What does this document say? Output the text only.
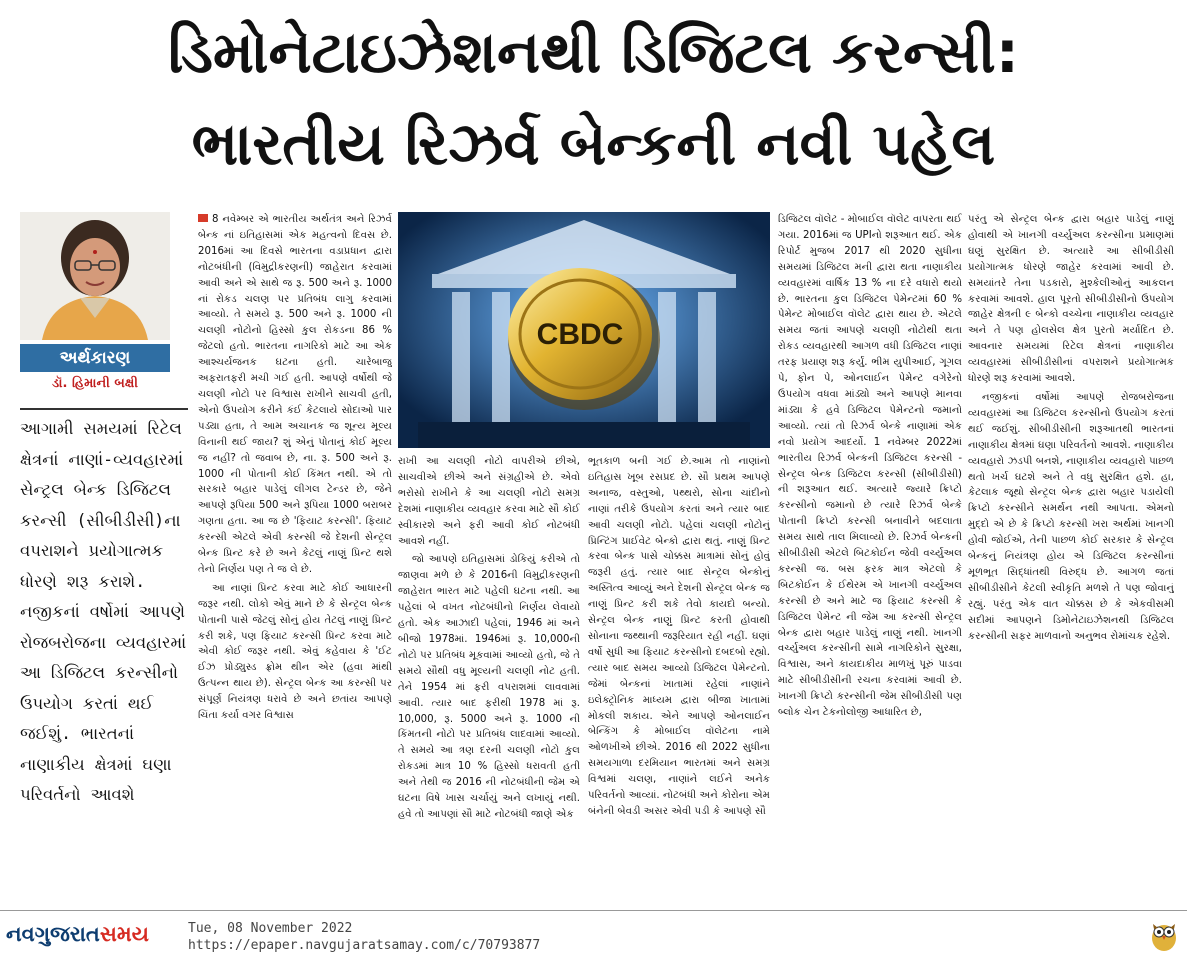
ડિમોનેટાઇઝેશનથી ડિજિટલ કરન્સી:
ભારતીય રિઝર્વ બેન્કની નવી પહેલ
અર્થકારણ
ડૉ. હિમાની બક્ષી

આગામી સમયમાં રિટેલ ક્ષેત્રનાં નાણાં-વ્યવહારમાં સેન્ટ્રલ બેન્ક ડિજિટલ કરન્સી (સીબીડીસી)ના વપરાશને પ્રયોગાત્મક ધોરણે શરૂ કરાશે. નજીકનાં વર્ષોમાં આપણે રોજબરોજના વ્યવહારમાં આ ડિજિટલ કરન્સીનો ઉપયોગ કરતાં થઈ જઈશું. ભારતનાં નાણાકીય ક્ષેત્રમાં ઘણા પરિવર્તનો આવશે

8 નવેમ્બર એ ભારતીય અર્થતંત્ર અને રિઝર્વ બેન્ક નાં ઇતિહાસમાં એક મહત્વનો દિવસ છે. 2016માં આ દિવસે ભારતના વડાપ્રધાન દ્વારા નોટબંધીની (વિમુદ્રીકરણની) જાહેરાત કરવામાં આવી અને એ સાથે જ રૂ. 500 અને રૂ. 1000 નાં રોકડ ચલણ પર પ્રતિબંધ લાગુ કરવામાં આવ્યો. તે સમયે રૂ. 500 અને રૂ. 1000 ની ચલણી નોટોનો હિસ્સો કુલ રોકડના 86 % જેટલો હતો. ભારતના નાગરિકો માટે આ એક આશ્ચર્યજનક ઘટના હતી. ચારેબાજુ અફરાતફરી મચી ગઈ હતી. આપણે વર્ષોથી જે ચલણી નોટો પર વિશ્વાસ રાખીને સાચવી હતી, એનો ઉપયોગ કરીને કંઈ કેટલાયે સોદાઓ પાર પડ્યા હતા, તે આમ અચાનક જ શૂન્ય મૂલ્ય વિનાની થઈ જાય? શું એનું પોતાનું કોઈ મૂલ્ય જ નહીં? તો જવાબ છે, ના. રૂ. 500 અને રૂ. 1000 ની પોતાની કોઈ કિંમત નથી. એ તો સરકારે બહાર પાડેલું લીગલ ટેન્ડર છે, જેને આપણે રૂપિયા 500 અને રૂપિયા 1000 બરાબર ગણતા હતા. આ જ છે 'ફિયાટ કરન્સી'. ફિયાટ કરન્સી એટલે એવી કરન્સી જે દેશની સેન્ટ્રલ બેન્ક પ્રિન્ટ કરે છે અને કેટલું નાણું પ્રિન્ટ થશે તેનો નિર્ણય પણ તે જ લે છે.

આ નાણાં પ્રિન્ટ કરવા માટે કોઈ આધારની જરૂર નથી. લોકો એવું માને છે કે સેન્ટ્રલ બેન્ક પોતાની પાસે જેટલું સોનું હોય તેટલું નાણું પ્રિન્ટ કરી શકે, પણ ફિયાટ કરન્સી પ્રિન્ટ કરવા માટે એવી કોઈ જરૂર નથી. એવું કહેવાય કે 'ઈટ ઈઝ પ્રોડ્યુસ્ડ ફ્રોમ થીન એર (હવા માંથી ઉત્પન્ન થાય છે). સેન્ટ્રલ બેન્ક આ કરન્સી પર સંપૂર્ણ નિયંત્રણ ધરાવે છે અને છતાંય આપણે ચિંતા કર્યા વગર વિશ્વાસ

CBDC

રાખી આ ચલણી નોટો વાપરીએ છીએ, સાચવીએ છીએ અને સંગ્રહીએ છે. એવો ભરોસો રાખીને કે આ ચલણી નોટો સમગ્ર દેશમાં નાણાકીય વ્યવહાર કરવા માટે સૌ કોઈ સ્વીકારશે અને ફરી આવી કોઈ નોટબંધી આવશે નહીં.

જો આપણે ઇતિહાસમાં ડોકિયું કરીએ તો જાણવા મળે છે કે 2016ની વિમુદ્રીકરણની જાહેરાત ભારત માટે પહેલી ઘટના નથી. આ પહેલાં બે વખત નોટબંધીનો નિર્ણય લેવાયો હતો. એક આઝાદી પહેલાં, 1946 માં અને બીજો 1978માં. 1946માં રૂ. 10,000ની નોટો પર પ્રતિબંધ મૂકવામાં આવ્યો હતો, જે તે સમયે સૌથી વધુ મૂલ્યની ચલણી નોટ હતી. તેને 1954 માં ફરી વપરાશમાં લાવવામાં આવી. ત્યાર બાદ ફરીથી 1978 માં રૂ. 10,000, રૂ. 5000 અને રૂ. 1000 ની કિંમતની નોટો પર પ્રતિબંધ લાદવામાં આવ્યો. તે સમયે આ ત્રણ દરની ચલણી નોટો કુલ રોકડમાં માત્ર 10 % હિસ્સો ધરાવતી હતી અને તેથી જ 2016 ની નોટબંધીની જેમ એ ઘટના વિષે ખાસ ચર્ચાયું અને લખાયું નથી. હવે તો આપણાં સૌ માટે નોટબંધી જાણે એક

ભૂતકાળ બની ગઈ છે.આમ તો નાણાંનો ઇતિહાસ ખૂબ રસપ્રદ છે. સૌ પ્રથમ આપણે અનાજ, વસ્તુઓ, પથ્થરો, સોના ચાંદીનો નાણાં તરીકે ઉપયોગ કરતાં અને ત્યાર બાદ આવી ચલણી નોટો. પહેલાં ચલણી નોટોનું પ્રિન્ટિંગ પ્રાઈવેટ બેન્કો દ્વારા થતું. નાણું પ્રિન્ટ કરવા બેન્ક પાસે ચોક્કસ માત્રામાં સોનું હોવું જરૂરી હતું. ત્યાર બાદ સેન્ટ્રલ બેન્કોનું અસ્તિત્વ આવ્યું અને દેશની સેન્ટ્રલ બેન્ક જ નાણું પ્રિન્ટ કરી શકે તેવો કાયદો બન્યો. સેન્ટ્રલ બેન્ક નાણું પ્રિન્ટ કરતી હોવાથી સોનાના જથ્થાની જરૂરિયાત રહી નહીં. ઘણાં વર્ષો સુધી આ ફિયાટ કરન્સીનો દબદબો રહ્યો. ત્યાર બાદ સમય આવ્યો ડિજિટલ પેમેન્ટનો. જેમાં બેન્કનાં ખાતામાં રહેલાં નાણાંને ઇલેક્ટ્રોનિક માધ્યમ દ્વારા બીજા ખાતામાં મોકલી શકાય. એને આપણે ઓનલાઈન બેન્કિંગ કે મોબાઈલ વૉલેટના નામે ઓળખીએ છીએ. 2016 થી 2022 સુધીના સમયગાળા દરમિયાન ભારતમાં અને સમગ્ર વિશ્વમાં ચલણ, નાણાંને લઈને અનેક પરિવર્તનો આવ્યાં. નોટબંધી અને કોરોના એમ બંનેની બેવડી અસર એવી પડી કે આપણે સૌ

ડિજિટલ વૉલેટ - મોબાઈલ વૉલેટ વાપરતા થઈ ગયા. 2016માં જ UPIનો શરૂઆત થઈ. એક રિપોર્ટ મુજબ 2017 થી 2020 સુધીના સમયમાં ડિજિટલ મની દ્વારા થતા નાણાકીય વ્યવહારમાં વાર્ષિક 13 % ના દરે વધારો થયો છે. ભારતના કુલ ડિજિટલ પેમેન્ટમાં 60 % પેમેન્ટ મોબાઈલ વૉલેટ દ્વારા થાય છે. એટલે સમય જતાં આપણે ચલણી નોટોથી થતા રોકડ વ્યવહારથી આગળ વધી ડિજિટલ નાણાં તરફ પ્રયાણ શરૂ કર્યું. ભીમ યુપીઆઈ, ગૂગલ પે, ફોન પે, ઓનલાઈન પેમેન્ટ વગેરેનો ઉપયોગ વધવા માંડ્યો અને આપણે માનવા માંડ્યા કે હવે ડિજિટલ પેમેન્ટનો જમાનો આવ્યો. ત્યાં તો રિઝર્વ બેન્કે નાણામાં એક નવો પ્રયોગ આદર્યો. 1 નવેમ્બર 2022માં ભારતીય રિઝર્વ બેન્કની ડિજિટલ કરન્સી - સેન્ટ્રલ બેન્ક ડિજિટલ કરન્સી (સીબીડીસી) ની શરૂઆત થઈ. અત્યારે જ્યારે ક્રિપ્ટો કરન્સીનો જમાનો છે ત્યારે રિઝર્વ બેન્કે પોતાની ક્રિપ્ટો કરન્સી બનાવીને બદલાતા સમય સાથે તાલ મિલાવ્યો છે. રિઝર્વ બેન્કની સીબીડીસી એટલે બિટકોઈન જેવી વર્ચ્યુઅલ કરન્સી જ. બસ ફરક માત્ર એટલો કે બિટકોઈન કે ઈથેરમ એ ખાનગી વર્ચ્યુઅલ કરન્સી છે અને માટે જ ફિયાટ કરન્સી કે ડિજિટલ પેમેન્ટ ની જેમ આ કરન્સી સેન્ટ્રલ બેન્ક દ્વારા બહાર પાડેલું નાણું નથી. ખાનગી વર્ચ્યુઅલ કરન્સીની સામે નાગરિકોને સુરક્ષા, વિશ્વાસ, અને કાયદાકીય માળખું પૂરું પાડવા માટે સીબીડીસીની રચના કરવામાં આવી છે. ખાનગી ક્રિપ્ટો કરન્સીની જેમ સીબીડીસી પણ બ્લોક ચેન ટેકનોલોજી આધારિત છે,

પરંતુ એ સેન્ટ્રલ બેન્ક દ્વારા બહાર પાડેલું નાણું હોવાથી એ ખાનગી વર્ચ્યુઅલ કરન્સીના પ્રમાણમાં ઘણું સુરક્ષિત છે. અત્યારે આ સીબીડીસી પ્રયોગાત્મક ધોરણે જાહેર કરવામાં આવી છે. સમયાંતરે તેના પડકારો, મુશ્કેલીઓનું આકલન કરવામાં આવશે. હાલ પૂરતો સીબીડીસીનો ઉપયોગ જાહેર ક્ષેત્રની ૯ બેન્કો વચ્ચેના નાણાકીય વ્યવહાર અને તે પણ હોલસેલ ક્ષેત્ર પુરતો મર્યાદિત છે. આવનાર સમયમાં રિટેલ ક્ષેત્રનાં નાણાકીય વ્યવહારમાં સીબીડીસીનાં વપરાશને પ્રયોગાત્મક ધોરણે શરૂ કરવામાં આવશે.

નજીકનાં વર્ષોમાં આપણે રોજબરોજના વ્યવહારમાં આ ડિજિટલ કરન્સીનો ઉપયોગ કરતાં થઈ જઈશું. સીબીડીસીની શરૂઆતથી ભારતનાં નાણાકીય ક્ષેત્રમાં ઘણા પરિવર્તનો આવશે. નાણાકીય વ્યવહારો ઝડપી બનશે, નાણાકીય વ્યવહારો પાછળ થતો ખર્ચ ઘટશે અને તે વધુ સુરક્ષિત હશે. હા, કેટલાક જૂથો સેન્ટ્રલ બેન્ક દ્વારા બહાર પડાયેલી ક્રિપ્ટો કરન્સીને સમર્થન નથી આપતા. એમનો મુદ્દો એ છે કે ક્રિપ્ટો કરન્સી ખરા અર્થમાં ખાનગી હોવી જોઈએ, તેની પાછળ કોઈ સરકાર કે સેન્ટ્રલ બેન્કનું નિયંત્રણ હોય એ ડિજિટલ કરન્સીનાં મૂળભૂત સિદ્ધાંતથી વિરુદ્ધ છે. આગળ જતાં સીબીડીસીને કેટલી સ્વીકૃતિ મળશે તે પણ જોવાનું રહ્યું. પરંતુ એક વાત ચોક્કસ છે કે એકવીસમી સદીમાં આપણને ડિમોનેટાઇઝેશનથી ડિજિટલ કરન્સીની સફર માળવાનો અનુભવ રોમાંચક રહેશે.

નવગુજરાતસમય	Tue, 08 November 2022
https://epaper.navgujaratsamay.com/c/70793877
